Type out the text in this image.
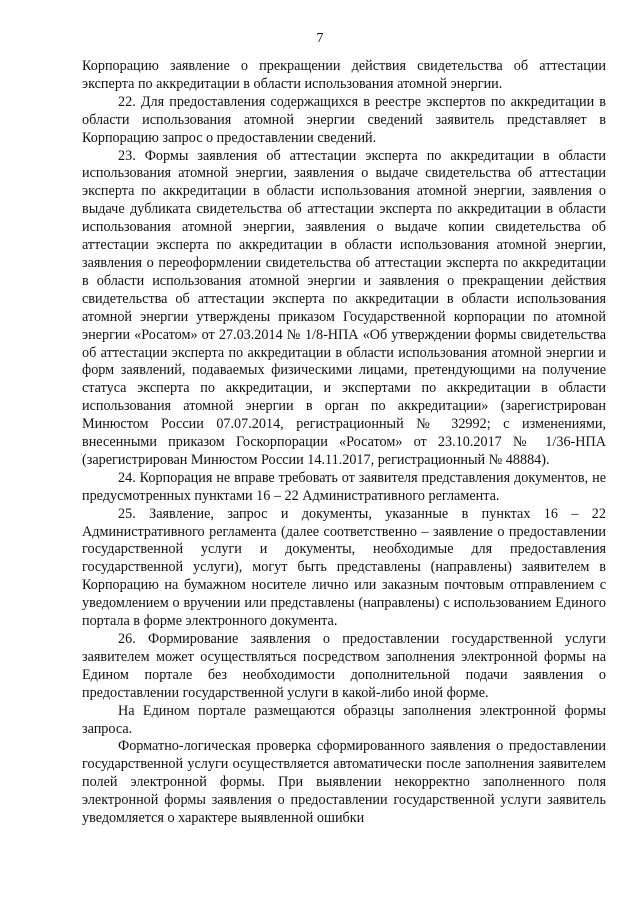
7

Корпорацию заявление о прекращении действия свидетельства об аттестации эксперта по аккредитации в области использования атомной энергии.

22. Для предоставления содержащихся в реестре экспертов по аккредитации в области использования атомной энергии сведений заявитель представляет в Корпорацию запрос о предоставлении сведений.

23. Формы заявления об аттестации эксперта по аккредитации в области использования атомной энергии, заявления о выдаче свидетельства об аттестации эксперта по аккредитации в области использования атомной энергии, заявления о выдаче дубликата свидетельства об аттестации эксперта по аккредитации в области использования атомной энергии, заявления о выдаче копии свидетельства об аттестации эксперта по аккредитации в области использования атомной энергии, заявления о переоформлении свидетельства об аттестации эксперта по аккредитации в области использования атомной энергии и заявления о прекращении действия свидетельства об аттестации эксперта по аккредитации в области использования атомной энергии утверждены приказом Государственной корпорации по атомной энергии «Росатом» от 27.03.2014 № 1/8-НПА «Об утверждении формы свидетельства об аттестации эксперта по аккредитации в области использования атомной энергии и форм заявлений, подаваемых физическими лицами, претендующими на получение статуса эксперта по аккредитации, и экспертами по аккредитации в области использования атомной энергии в орган по аккредитации» (зарегистрирован Минюстом России 07.07.2014, регистрационный № 32992; с изменениями, внесенными приказом Госкорпорации «Росатом» от 23.10.2017 № 1/36-НПА (зарегистрирован Минюстом России 14.11.2017, регистрационный № 48884).

24. Корпорация не вправе требовать от заявителя представления документов, не предусмотренных пунктами 16 – 22 Административного регламента.

25. Заявление, запрос и документы, указанные в пунктах 16 – 22 Административного регламента (далее соответственно – заявление о предоставлении государственной услуги и документы, необходимые для предоставления государственной услуги), могут быть представлены (направлены) заявителем в Корпорацию на бумажном носителе лично или заказным почтовым отправлением с уведомлением о вручении или представлены (направлены) с использованием Единого портала в форме электронного документа.

26. Формирование заявления о предоставлении государственной услуги заявителем может осуществляться посредством заполнения электронной формы на Едином портале без необходимости дополнительной подачи заявления о предоставлении государственной услуги в какой-либо иной форме.

На Едином портале размещаются образцы заполнения электронной формы запроса.

Форматно-логическая проверка сформированного заявления о предоставлении государственной услуги осуществляется автоматически после заполнения заявителем полей электронной формы. При выявлении некорректно заполненного поля электронной формы заявления о предоставлении государственной услуги заявитель уведомляется о характере выявленной ошибки
